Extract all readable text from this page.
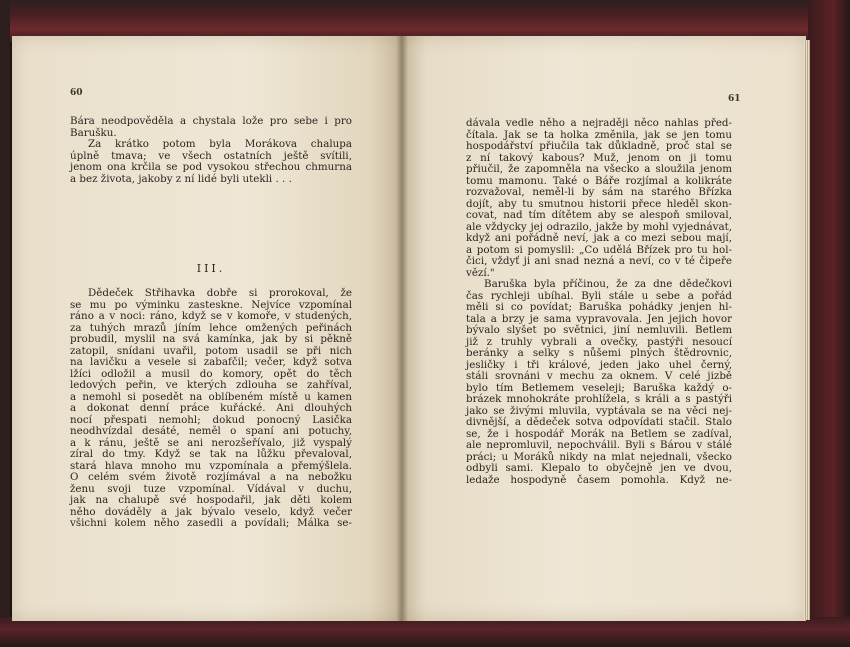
60
Bára neodpověděla a chystala lože pro sebe i pro
Barušku.
Za krátko potom byla Morákova chalupa
úplně tmava; ve všech ostatních ještě svítili,
jenom ona krčila se pod vysokou střechou chmurna
a bez života, jakoby z ní lidé byli utekli . . .
III.
Dědeček Střihavka dobře si prorokoval, že
se mu po výminku zasteskne. Nejvíce vzpomínal
ráno a v noci: ráno, když se v komoře, v studených,
za tuhých mrazů jíním lehce omžených peřinách
probudil, myslil na svá kamínka, jak by si pěkně
zatopil, snídani uvařil, potom usadil se při nich
na lavičku a vesele si zabafčil; večer, když sotva
lžíci odložil a musil do komory, opět do těch
ledových peřin, ve kterých zdlouha se zahříval,
a nemohl si posedět na oblíbeném místě u kamen
a dokonat denní práce kuřácké. Ani dlouhých
nocí přespati nemohl; dokud ponocný Lasička
neodhvízdal desáté, neměl o spaní ani potuchy,
a k ránu, ještě se ani nerozšeřívalo, již vyspalý
zíral do tmy. Když se tak na lůžku převaloval,
stará hlava mnoho mu vzpomínala a přemýšlela.
O celém svém životě rozjímával a na nebožku
ženu svoji tuze vzpomínal. Vídával v duchu,
jak na chalupě své hospodařil, jak děti kolem
něho dováděly a jak bývalo veselo, když večer
všichni kolem něho zasedli a povídali; Málka se-
61
dávala vedle něho a nejraději něco nahlas před-
čítala. Jak se ta holka změnila, jak se jen tomu
hospodářství přiučila tak důkladně, proč stal se
z ní takový kabous? Muž, jenom on ji tomu
přiučil, že zapomněla na všecko a sloužila jenom
tomu mamonu. Také o Báře rozjímal a kolikráte
rozvažoval, neměl-li by sám na starého Břízka
dojít, aby tu smutnou historii přece hleděl skon-
covat, nad tím dítětem aby se alespoň smiloval,
ale vždycky jej odrazilo, jakže by mohl vyjednávat,
když ani pořádně neví, jak a co mezi sebou mají,
a potom si pomyslil: „Co udělá Břízek pro tu hol-
čici, vždyť ji ani snad nezná a neví, co v té čipeře
vězí."
Baruška byla příčinou, že za dne dědečkovi
čas rychleji ubíhal. Byli stále u sebe a pořád
měli si co povídat; Baruška pohádky jenjen hl-
tala a brzy je sama vypravovala. Jen jejich hovor
bývalo slyšet po světnici, jiní nemluvili. Betlem
již z truhly vybrali a ovečky, pastýři nesoucí
beránky a selky s nůšemi plných štědrovnic,
jesličky i tři králové, jeden jako uhel černý,
stáli srovnáni v mechu za oknem. V celé jizbě
bylo tím Betlemem veseleji; Baruška každý o-
brázek mnohokráte prohlížela, s králi a s pastýři
jako se živými mluvila, vyptávala se na věci nej-
divnější, a dědeček sotva odpovídati stačil. Stalo
se, že i hospodář Morák na Betlem se zadíval,
ale nepromluvil, nepochválil. Byli s Bárou v stálé
práci; u Moráků nikdy na mlat nejednali, všecko
odbyli sami. Klepalo to obyčejně jen ve dvou,
ledaže hospodyně časem pomohla. Když ne-
